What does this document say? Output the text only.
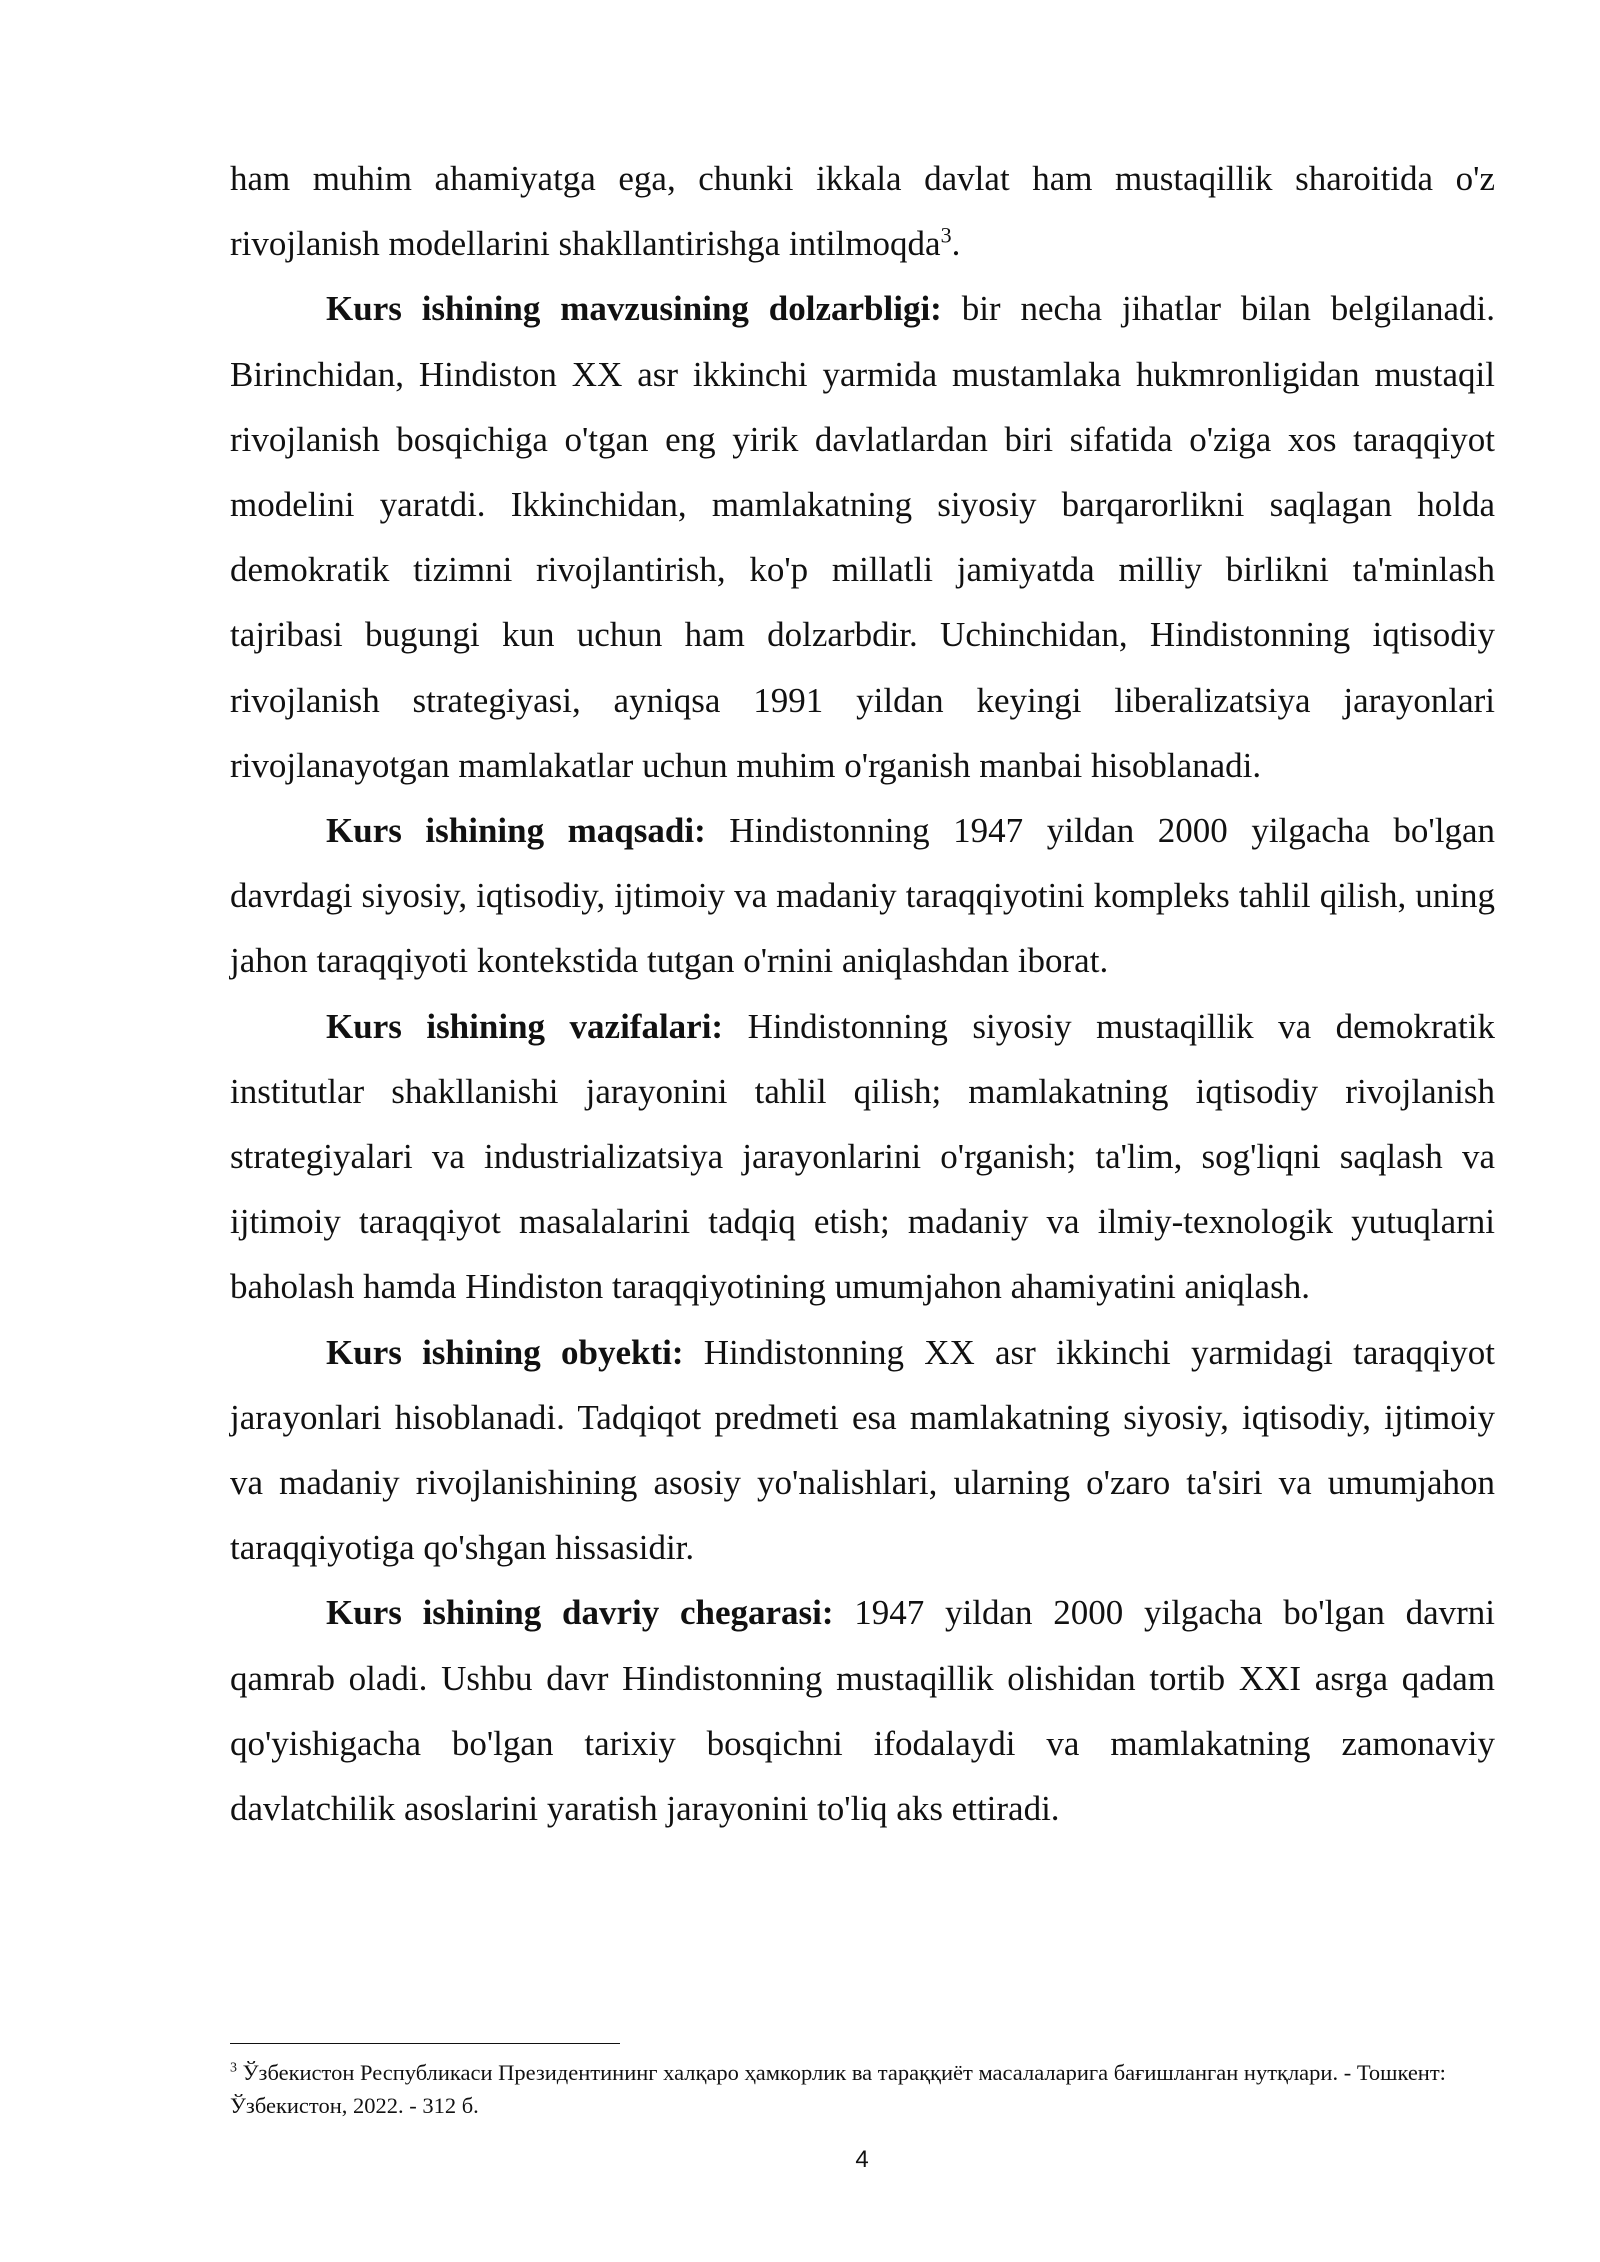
ham muhim ahamiyatga ega, chunki ikkala davlat ham mustaqillik sharoitida o'z rivojlanish modellarini shakllantirishga intilmoqda$^3$.

Kurs ishining mavzusining dolzarbligi: bir necha jihatlar bilan belgilanadi. Birinchidan, Hindiston XX asr ikkinchi yarmida mustamlaka hukmronligidan mustaqil rivojlanish bosqichiga o'tgan eng yirik davlatlardan biri sifatida o'ziga xos taraqqiyot modelini yaratdi. Ikkinchidan, mamlakatning siyosiy barqarorlikni saqlagan holda demokratik tizimni rivojlantirish, ko'p millatli jamiyatda milliy birlikni ta'minlash tajribasi bugungi kun uchun ham dolzarbdir. Uchinchidan, Hindistonning iqtisodiy rivojlanish strategiyasi, ayniqsa 1991 yildan keyingi liberalizatsiya jarayonlari rivojlanayotgan mamlakatlar uchun muhim o'rganish manbai hisoblanadi.

Kurs ishining maqsadi: Hindistonning 1947 yildan 2000 yilgacha bo'lgan davrdagi siyosiy, iqtisodiy, ijtimoiy va madaniy taraqqiyotini kompleks tahlil qilish, uning jahon taraqqiyoti kontekstida tutgan o'rnini aniqlashdan iborat.

Kurs ishining vazifalari: Hindistonning siyosiy mustaqillik va demokratik institutlar shakllanishi jarayonini tahlil qilish; mamlakatning iqtisodiy rivojlanish strategiyalari va industrializatsiya jarayonlarini o'rganish; ta'lim, sog'liqni saqlash va ijtimoiy taraqqiyot masalalarini tadqiq etish; madaniy va ilmiy-texnologik yutuqlarni baholash hamda Hindiston taraqqiyotining umumjahon ahamiyatini aniqlash.

Kurs ishining obyekti: Hindistonning XX asr ikkinchi yarmidagi taraqqiyot jarayonlari hisoblanadi. Tadqiqot predmeti esa mamlakatning siyosiy, iqtisodiy, ijtimoiy va madaniy rivojlanishining asosiy yo'nalishlari, ularning o'zaro ta'siri va umumjahon taraqqiyotiga qo'shgan hissasidir.

Kurs ishining davriy chegarasi: 1947 yildan 2000 yilgacha bo'lgan davrni qamrab oladi. Ushbu davr Hindistonning mustaqillik olishidan tortib XXI asrga qadam qo'yishigacha bo'lgan tarixiy bosqichni ifodalaydi va mamlakatning zamonaviy davlatchilik asoslarini yaratish jarayonini to'liq aks ettiradi.

$^3$ Ўзбекистон Республикаси Президентининг халқаро ҳамкорлик ва тараққиёт масалаларига бағишланган нутқлари. - Тошкент: Ўзбекистон, 2022. - 312 б.
4
